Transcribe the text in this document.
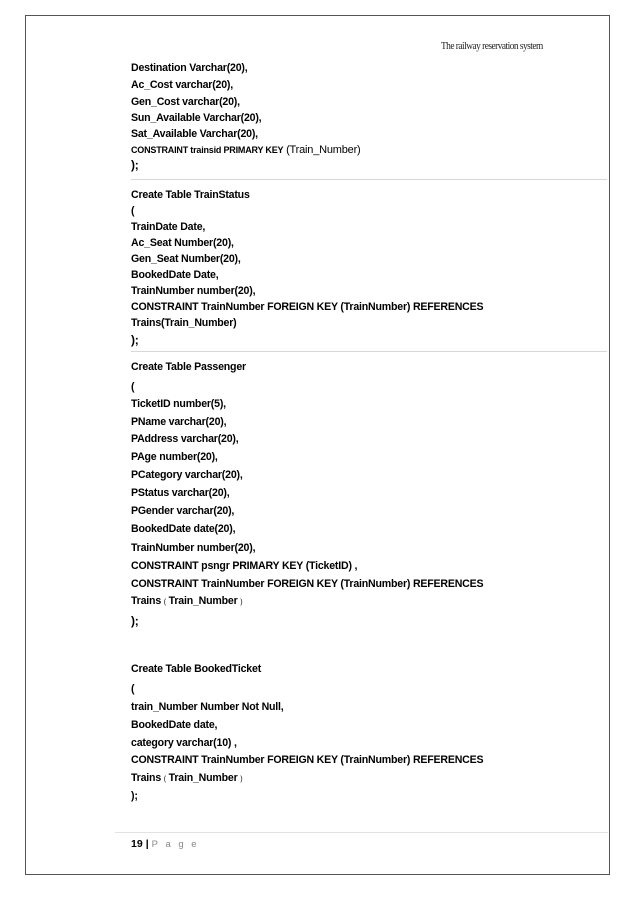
The railway reservation system
Destination Varchar(20),
Ac_Cost varchar(20),
Gen_Cost varchar(20),
Sun_Available Varchar(20),
Sat_Available Varchar(20),
CONSTRAINT trainsid PRIMARY KEY (Train_Number)
);
Create Table TrainStatus
(
TrainDate Date,
Ac_Seat Number(20),
Gen_Seat Number(20),
BookedDate Date,
TrainNumber number(20),
CONSTRAINT TrainNumber FOREIGN KEY (TrainNumber) REFERENCES
Trains(Train_Number)
);
Create Table Passenger
(
TicketID number(5),
PName varchar(20),
PAddress varchar(20),
PAge number(20),
PCategory varchar(20),
PStatus varchar(20),
PGender varchar(20),
BookedDate date(20),
TrainNumber number(20),
CONSTRAINT psngr PRIMARY KEY (TicketID) ,
CONSTRAINT TrainNumber FOREIGN KEY (TrainNumber) REFERENCES
Trains ( Train_Number )
);
Create Table BookedTicket
(
train_Number Number Not Null,
BookedDate date,
category varchar(10) ,
CONSTRAINT TrainNumber FOREIGN KEY (TrainNumber) REFERENCES
Trains ( Train_Number )
);
19 | P a g e
